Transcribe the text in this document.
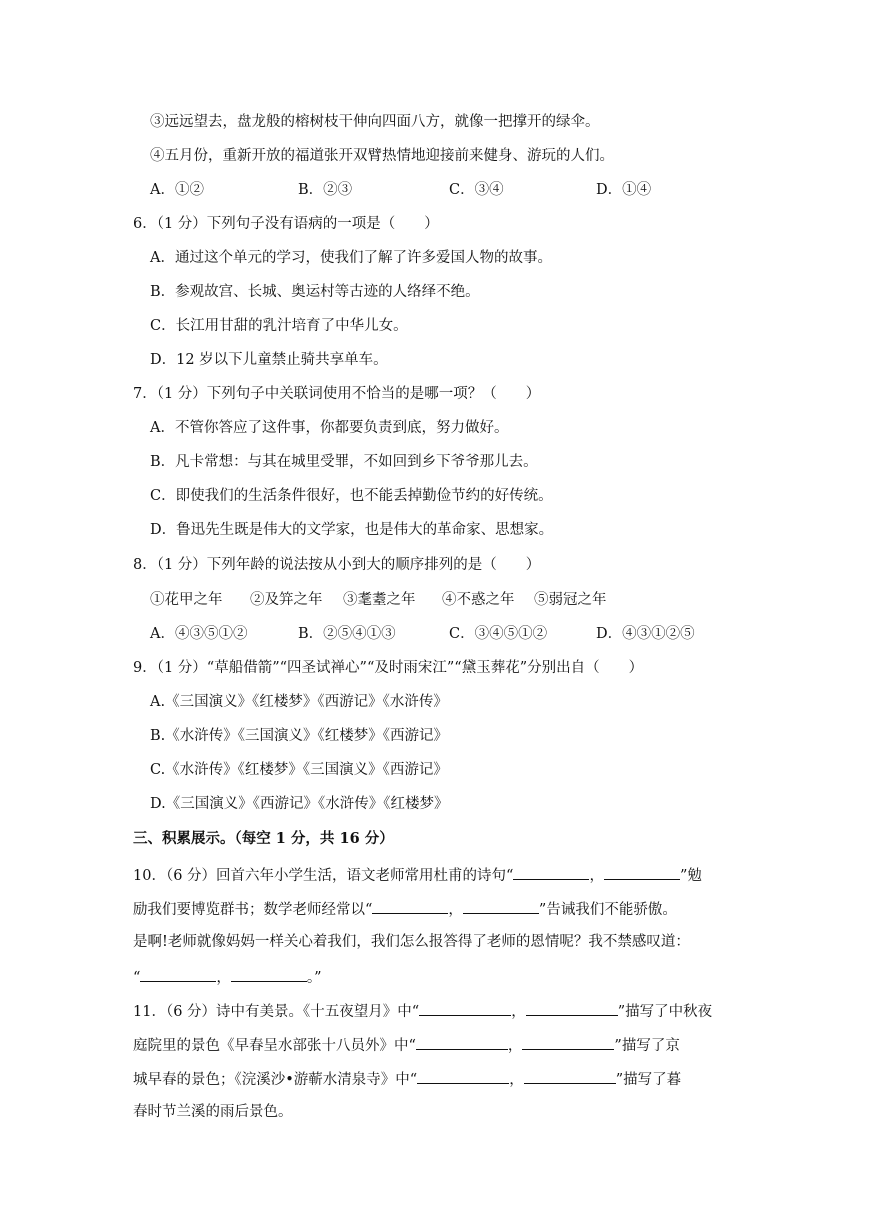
③远远望去，盘龙般的榕树枝干伸向四面八方，就像一把撑开的绿伞。
④五月份，重新开放的福道张开双臂热情地迎接前来健身、游玩的人们。
A．①②	B．②③	C．③④	D．①④
6．（1 分）下列句子没有语病的一项是（　　）
A．通过这个单元的学习，使我们了解了许多爱国人物的故事。
B．参观故宫、长城、奥运村等古迹的人络绎不绝。
C．长江用甘甜的乳汁培育了中华儿女。
D．12 岁以下儿童禁止骑共享单车。
7．（1 分）下列句子中关联词使用不恰当的是哪一项？（　　）
A．不管你答应了这件事，你都要负责到底，努力做好。
B．凡卡常想：与其在城里受罪，不如回到乡下爷爷那儿去。
C．即使我们的生活条件很好，也不能丢掉勤俭节约的好传统。
D．鲁迅先生既是伟大的文学家，也是伟大的革命家、思想家。
8．（1 分）下列年龄的说法按从小到大的顺序排列的是（　　）
①花甲之年 ②及笄之年 ③耄耋之年 ④不惑之年 ⑤弱冠之年
A．④③⑤①②	B．②⑤④①③	C．③④⑤①②	D．④③①②⑤
9．（1 分）“草船借箭”“四圣试禅心”“及时雨宋江”“黛玉葬花”分别出自（　　）
A.《三国演义》《红楼梦》《西游记》《水浒传》
B.《水浒传》《三国演义》《红楼梦》《西游记》
C.《水浒传》《红楼梦》《三国演义》《西游记》
D.《三国演义》《西游记》《水浒传》《红楼梦》
三、积累展示。（每空 1 分，共 16 分）
10．（6 分）回首六年小学生活，语文老师常用杜甫的诗句“	，	”勉
励我们要博览群书；数学老师经常以“	，	”告诫我们不能骄傲。
是啊!老师就像妈妈一样关心着我们，我们怎么报答得了老师的恩情呢？我不禁感叹道：
“	，	。”
11．（6 分）诗中有美景。《十五夜望月》中“	，	”描写了中秋夜
庭院里的景色《早春呈水部张十八员外》中“	，	”描写了京
城早春的景色；《浣溪沙•游蕲水清泉寺》中“	，	”描写了暮
春时节兰溪的雨后景色。
